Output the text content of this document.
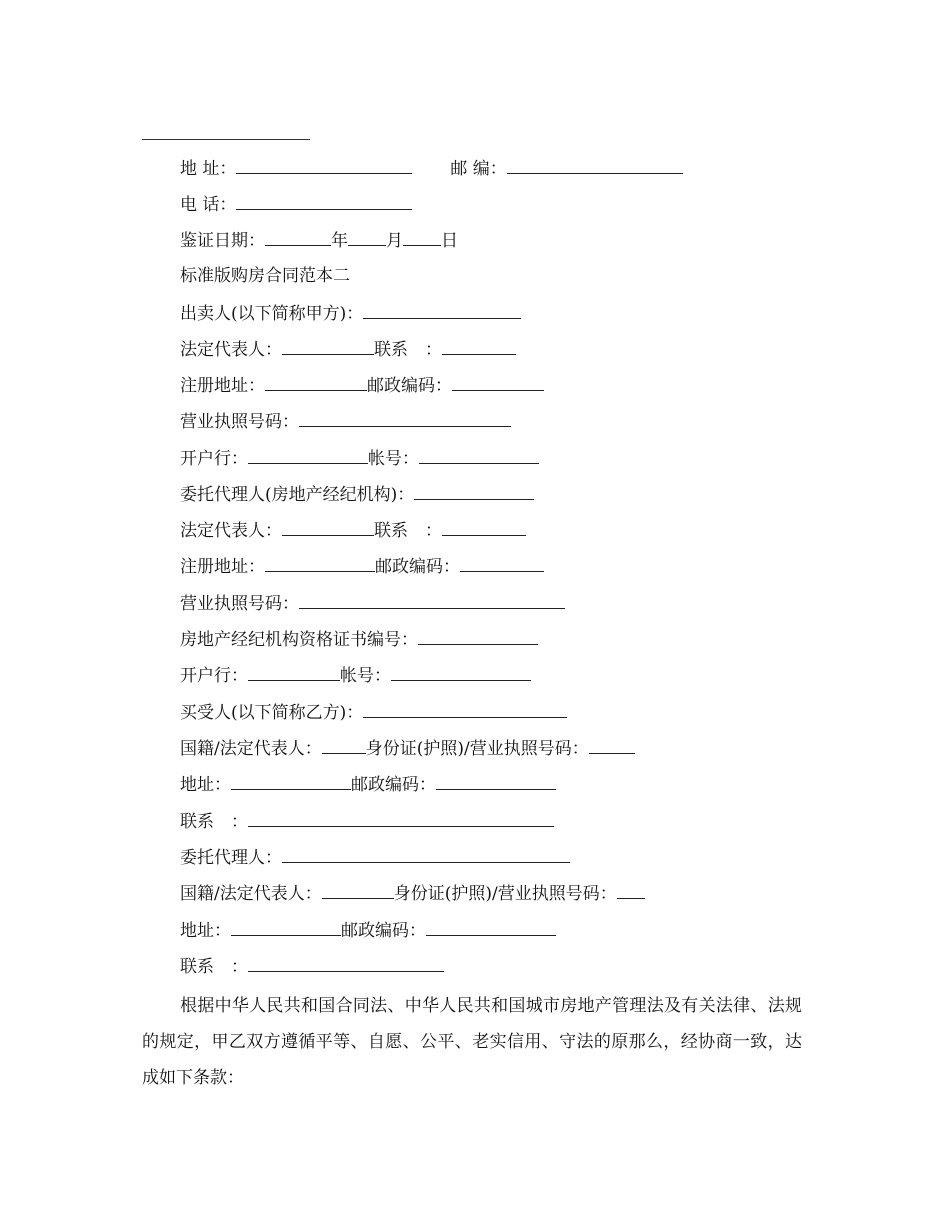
地 址：	邮 编：
电 话：
鉴证日期：	年 月 日
标准版购房合同范本二
出卖人(以下简称甲方)：
法定代表人：	联系　：
注册地址：	邮政编码：
营业执照号码：
开户行：	帐号：
委托代理人(房地产经纪机构)：
法定代表人：	联系　：
注册地址：	邮政编码：
营业执照号码：
房地产经纪机构资格证书编号：
开户行：	帐号：
买受人(以下简称乙方)：
国籍/法定代表人：	身份证(护照)/营业执照号码：
地址：	邮政编码：
联系　：
委托代理人：
国籍/法定代表人：	身份证(护照)/营业执照号码：
地址：	邮政编码：
联系　：
根据中华人民共和国合同法、中华人民共和国城市房地产管理法及有关法律、法规的规定，甲乙双方遵循平等、自愿、公平、老实信用、守法的原那么，经协商一致，达成如下条款：
